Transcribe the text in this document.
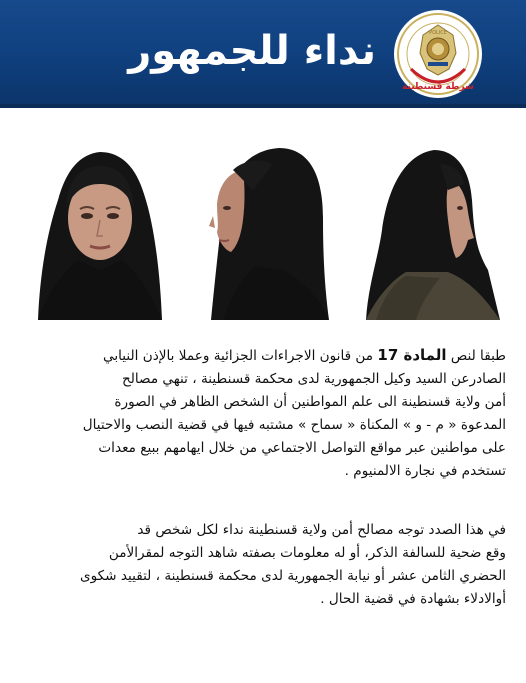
نداء للجمهور
شرطة قسنطينة
POLICE
طبقا لنص المادة 17 من قانون الاجراءات الجزائية وعملا بالإذن النيابي
الصادرعن السيد وكيل الجمهورية لدى محكمة قسنطينة ، تنهي مصالح
أمن ولاية قسنطينة الى علم المواطنين أن الشخص الظاهر في الصورة
المدعوة « م - و » المكناة « سماح » مشتبه فيها في قضية النصب والاحتيال
على مواطنين عبر مواقع التواصل الاجتماعي من خلال ايهامهم ببيع معدات
تستخدم في نجارة الالمنيوم .
في هذا الصدد توجه مصالح أمن ولاية قسنطينة نداء لكل شخص قد
وقع ضحية للسالفة الذكر، أو له معلومات بصفته شاهد التوجه لمقرالأمن
الحضري الثامن عشر أو نيابة الجمهورية لدى محكمة قسنطينة ، لتقييد شكوى
أوالادلاء بشهادة في قضية الحال .
